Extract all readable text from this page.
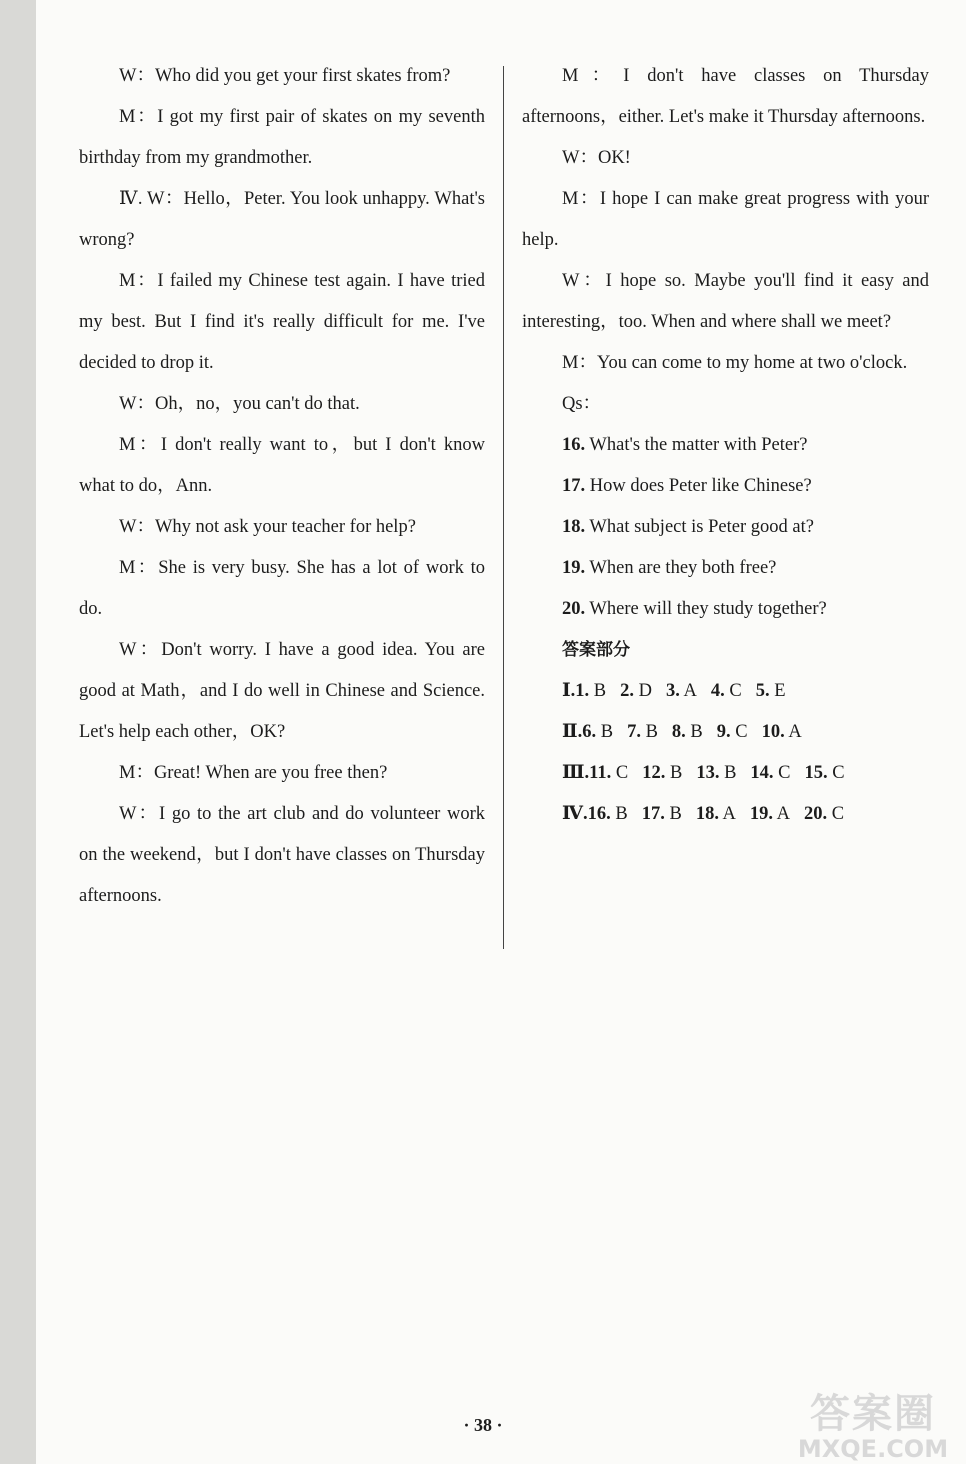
W：Who did you get your first skates from?

M：I got my first pair of skates on my seventh birthday from my grandmother.

Ⅳ. W：Hello，Peter. You look unhappy. What's wrong?

M：I failed my Chinese test again. I have tried my best. But I find it's really difficult for me. I've decided to drop it.

W：Oh，no，you can't do that.

M：I don't really want to，but I don't know what to do，Ann.

W：Why not ask your teacher for help?

M：She is very busy. She has a lot of work to do.

W：Don't worry. I have a good idea. You are good at Math，and I do well in Chinese and Science. Let's help each other，OK?

M：Great! When are you free then?

W：I go to the art club and do volunteer work on the weekend，but I don't have classes on Thursday afternoons.

M：I don't have classes on Thursday afternoons，either. Let's make it Thursday afternoons.

W：OK!

M：I hope I can make great progress with your help.

W：I hope so. Maybe you'll find it easy and interesting，too. When and where shall we meet?

M：You can come to my home at two o'clock.

Qs：

16. What's the matter with Peter?

17. How does Peter like Chinese?

18. What subject is Peter good at?

19. When are they both free?

20. Where will they study together?

答案部分

Ⅰ.1. B 2. D 3. A 4. C 5. E

Ⅱ.6. B 7. B 8. B 9. C 10. A

Ⅲ.11. C 12. B 13. B 14. C 15. C

Ⅳ.16. B 17. B 18. A 19. A 20. C

· 38 ·	答案圈
MXQE.COM
